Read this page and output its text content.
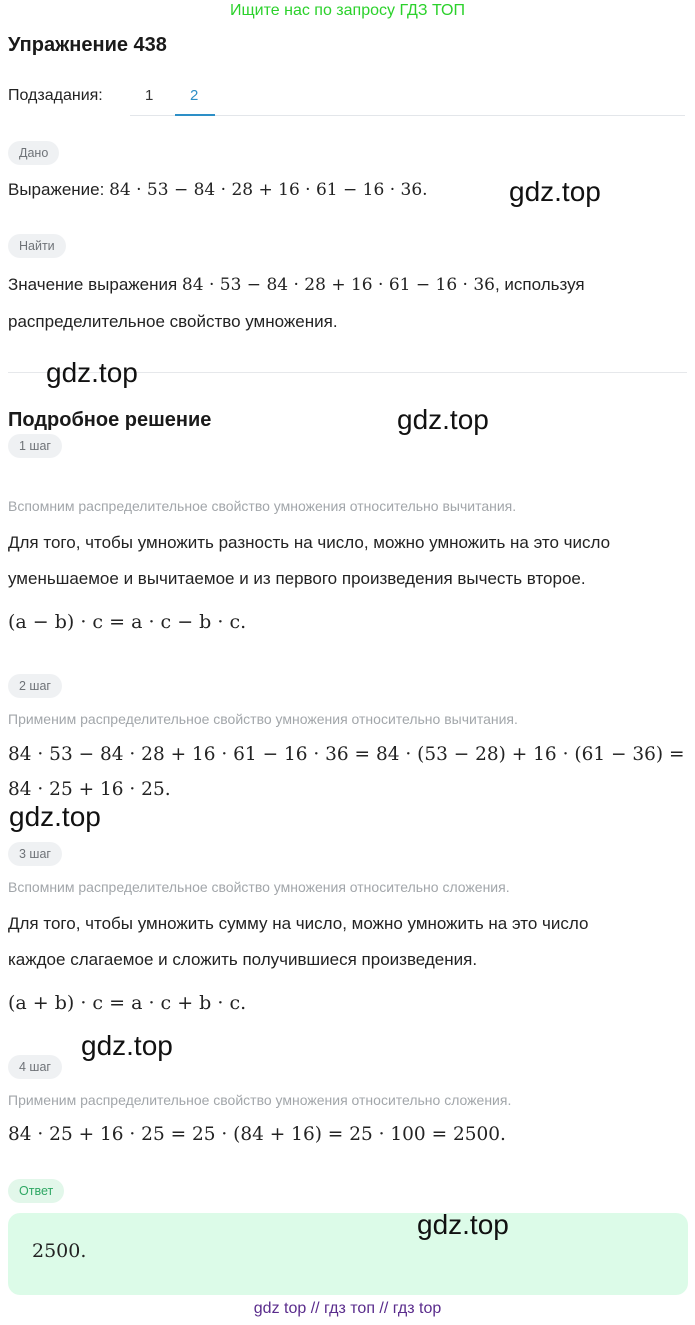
Ищите нас по запросу ГДЗ ТОП
Упражнение 438
Подзадания:	1 2
Дано
Выражение: 84 · 53 − 84 · 28 + 16 · 61 − 16 · 36.
Найти
Значение выражения 84 · 53 − 84 · 28 + 16 · 61 − 16 · 36, используя
распределительное свойство умножения.
Подробное решение
1 шаг
Вспомним распределительное свойство умножения относительно вычитания.
Для того, чтобы умножить разность на число, можно умножить на это число
уменьшаемое и вычитаемое и из первого произведения вычесть второе.
(a − b) · c = a · c − b · c.
2 шаг
Применим распределительное свойство умножения относительно вычитания.
84 · 53 − 84 · 28 + 16 · 61 − 16 · 36 = 84 · (53 − 28) + 16 · (61 − 36) =
84 · 25 + 16 · 25.
3 шаг
Вспомним распределительное свойство умножения относительно сложения.
Для того, чтобы умножить сумму на число, можно умножить на это число
каждое слагаемое и сложить получившиеся произведения.
(a + b) · c = a · c + b · c.
4 шаг
Применим распределительное свойство умножения относительно сложения.
84 · 25 + 16 · 25 = 25 · (84 + 16) = 25 · 100 = 2500.
Ответ
2500.
gdz.top
gdz.top
gdz.top
gdz.top
gdz.top
gdz.top
gdz top // гдз топ // гдз top
